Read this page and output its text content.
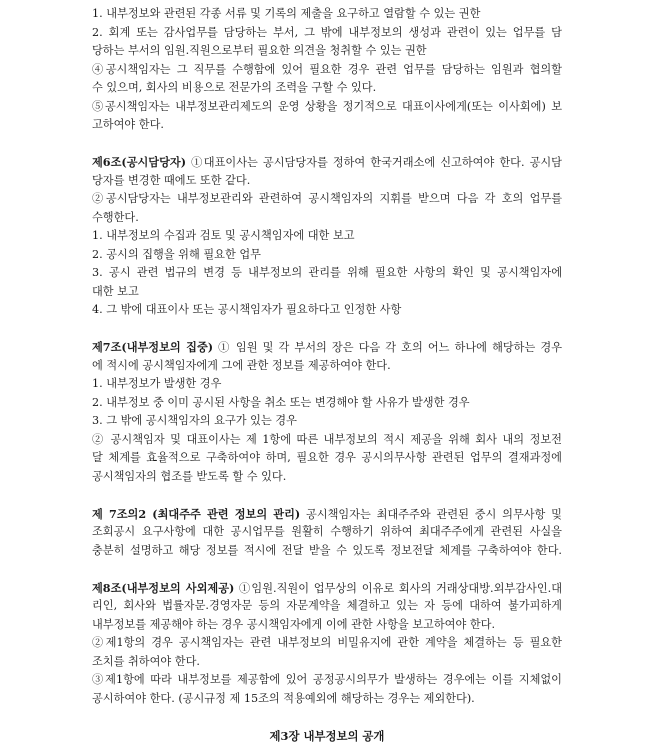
1. 내부정보와 관련된 각종 서류 및 기록의 제출을 요구하고 열람할 수 있는 권한
2. 회계 또는 감사업무를 담당하는 부서, 그 밖에 내부정보의 생성과 관련이 있는 업무를 담
당하는 부서의 임원.직원으로부터 필요한 의견을 청취할 수 있는 권한
④공시책임자는 그 직무를 수행함에 있어 필요한 경우 관련 업무를 담당하는 임원과 협의할
수 있으며, 회사의 비용으로 전문가의 조력을 구할 수 있다.
⑤공시책임자는 내부정보관리제도의 운영 상황을 정기적으로 대표이사에게(또는 이사회에) 보
고하여야 한다.
제6조(공시담당자) ①대표이사는 공시담당자를 정하여 한국거래소에 신고하여야 한다. 공시담
당자를 변경한 때에도 또한 같다.
②공시담당자는 내부정보관리와 관련하여 공시책임자의 지휘를 받으며 다음 각 호의 업무를
수행한다.
1. 내부정보의 수집과 검토 및 공시책임자에 대한 보고
2. 공시의 집행을 위해 필요한 업무
3. 공시 관련 법규의 변경 등 내부정보의 관리를 위해 필요한 사항의 확인 및 공시책임자에
대한 보고
4. 그 밖에 대표이사 또는 공시책임자가 필요하다고 인정한 사항
제7조(내부정보의 집중) ① 임원 및 각 부서의 장은 다음 각 호의 어느 하나에 해당하는 경우
에 적시에 공시책임자에게 그에 관한 정보를 제공하여야 한다.
1. 내부정보가 발생한 경우
2. 내부정보 중 이미 공시된 사항을 취소 또는 변경해야 할 사유가 발생한 경우
3. 그 밖에 공시책임자의 요구가 있는 경우
② 공시책임자 및 대표이사는 제 1항에 따른 내부정보의 적시 제공을 위해 회사 내의 정보전
달 체계를 효율적으로 구축하여야 하며, 필요한 경우 공시의무사항 관련된 업무의 결재과정에
공시책임자의 협조를 받도록 할 수 있다.
제 7조의2 (최대주주 관련 정보의 관리) 공시책임자는 최대주주와 관련된 중시 의무사항 및
조회공시 요구사항에 대한 공시업무를 원활히 수행하기 위하여 최대주주에게 관련된 사실을
충분히 설명하고 해당 정보를 적시에 전달 받을 수 있도록 정보전달 체계를 구축하여야 한다.
제8조(내부정보의 사외제공) ①임원.직원이 업무상의 이유로 회사의 거래상대방.외부감사인.대
리인, 회사와 법률자문.경영자문 등의 자문계약을 체결하고 있는 자 등에 대하여 불가피하게
내부정보를 제공해야 하는 경우 공시책임자에게 이에 관한 사항을 보고하여야 한다.
②제1항의 경우 공시책임자는 관련 내부정보의 비밀유지에 관한 계약을 체결하는 등 필요한
조치를 취하여야 한다.
③제1항에 따라 내부정보를 제공함에 있어 공정공시의무가 발생하는 경우에는 이를 지체없이
공시하여야 한다. (공시규정 제 15조의 적용예외에 해당하는 경우는 제외한다).
제3장 내부정보의 공개
